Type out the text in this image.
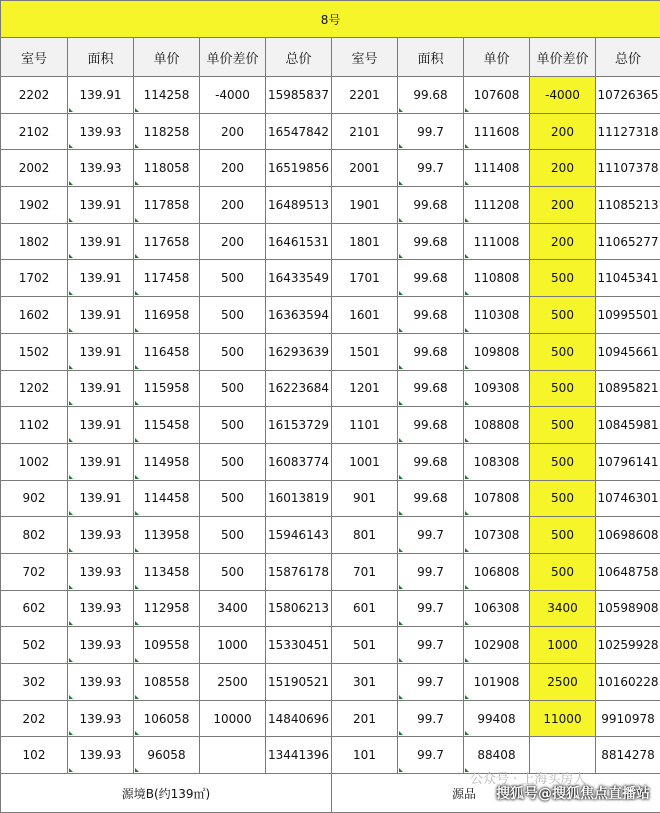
8号									
室号	面积	单价	单价差价	总价	室号	面积	单价	单价差价	总价
2202	139.91	114258	-4000	15985837	2201	99.68	107608	-4000	10726365
2102	139.93	118258	200	16547842	2101	99.7	111608	200	11127318
2002	139.93	118058	200	16519856	2001	99.7	111408	200	11107378
1902	139.91	117858	200	16489513	1901	99.68	111208	200	11085213
1802	139.91	117658	200	16461531	1801	99.68	111008	200	11065277
1702	139.91	117458	500	16433549	1701	99.68	110808	500	11045341
1602	139.91	116958	500	16363594	1601	99.68	110308	500	10995501
1502	139.91	116458	500	16293639	1501	99.68	109808	500	10945661
1202	139.91	115958	500	16223684	1201	99.68	109308	500	10895821
1102	139.91	115458	500	16153729	1101	99.68	108808	500	10845981
1002	139.91	114958	500	16083774	1001	99.68	108308	500	10796141
902	139.91	114458	500	16013819	901	99.68	107808	500	10746301
802	139.93	113958	500	15946143	801	99.7	107308	500	10698608
702	139.93	113458	500	15876178	701	99.7	106808	500	10648758
602	139.93	112958	3400	15806213	601	99.7	106308	3400	10598908
502	139.93	109558	1000	15330451	501	99.7	102908	1000	10259928
302	139.93	108558	2500	15190521	301	99.7	101908	2500	10160228
202	139.93	106058	10000	14840696	201	99.7	99408	11000	9910978
102	139.93	96058		13441396	101	99.7	88408		8814278
源境B(约139㎡)					源品				
公众号 · 上海买房人
搜狐号@搜狐焦点直播站
